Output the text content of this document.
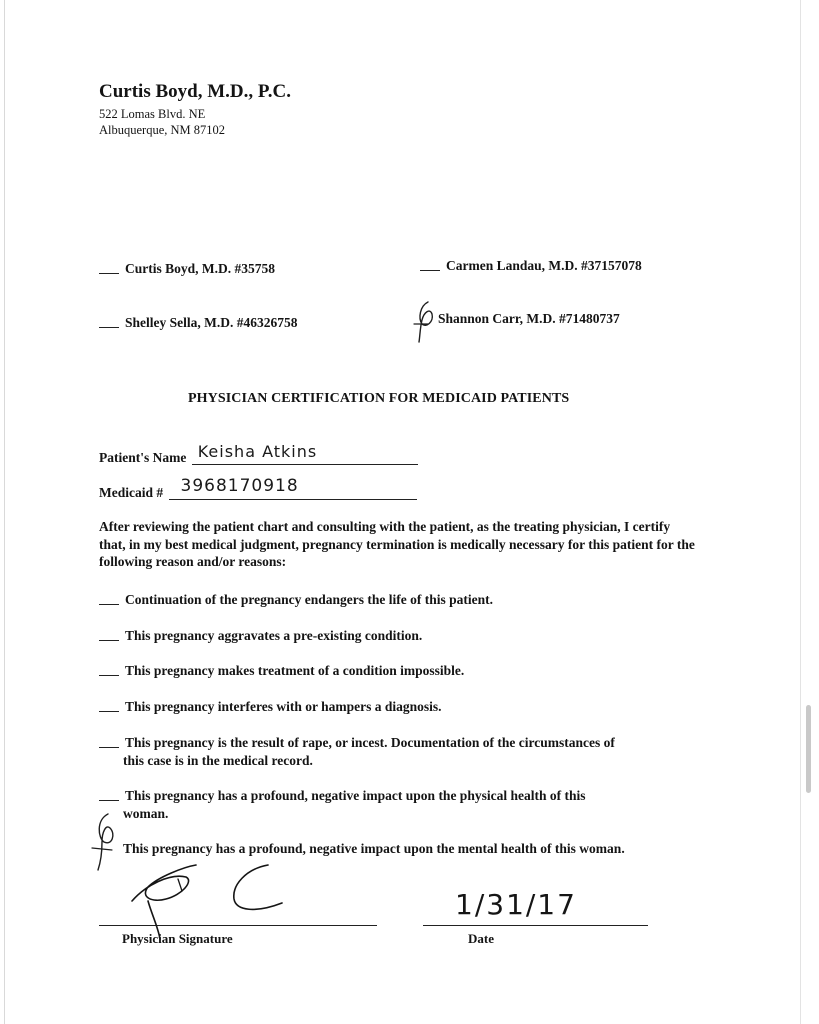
Curtis Boyd, M.D., P.C.
522 Lomas Blvd. NE
Albuquerque, NM 87102
Curtis Boyd, M.D. #35758	Carmen Landau, M.D. #37157078
Shelley Sella, M.D. #46326758	Shannon Carr, M.D. #71480737
PHYSICIAN CERTIFICATION FOR MEDICAID PATIENTS
Patient's Name Keisha Atkins
Medicaid # 3968170918
After reviewing the patient chart and consulting with the patient, as the treating physician, I certify that, in my best medical judgment, pregnancy termination is medically necessary for this patient for the following reason and/or reasons:
Continuation of the pregnancy endangers the life of this patient.
This pregnancy aggravates a pre-existing condition.
This pregnancy makes treatment of a condition impossible.
This pregnancy interferes with or hampers a diagnosis.
This pregnancy is the result of rape, or incest. Documentation of the circumstances of
this case is in the medical record.
This pregnancy has a profound, negative impact upon the physical health of this
woman.
This pregnancy has a profound, negative impact upon the mental health of this woman.
Physician Signature
1/31/17
Date
